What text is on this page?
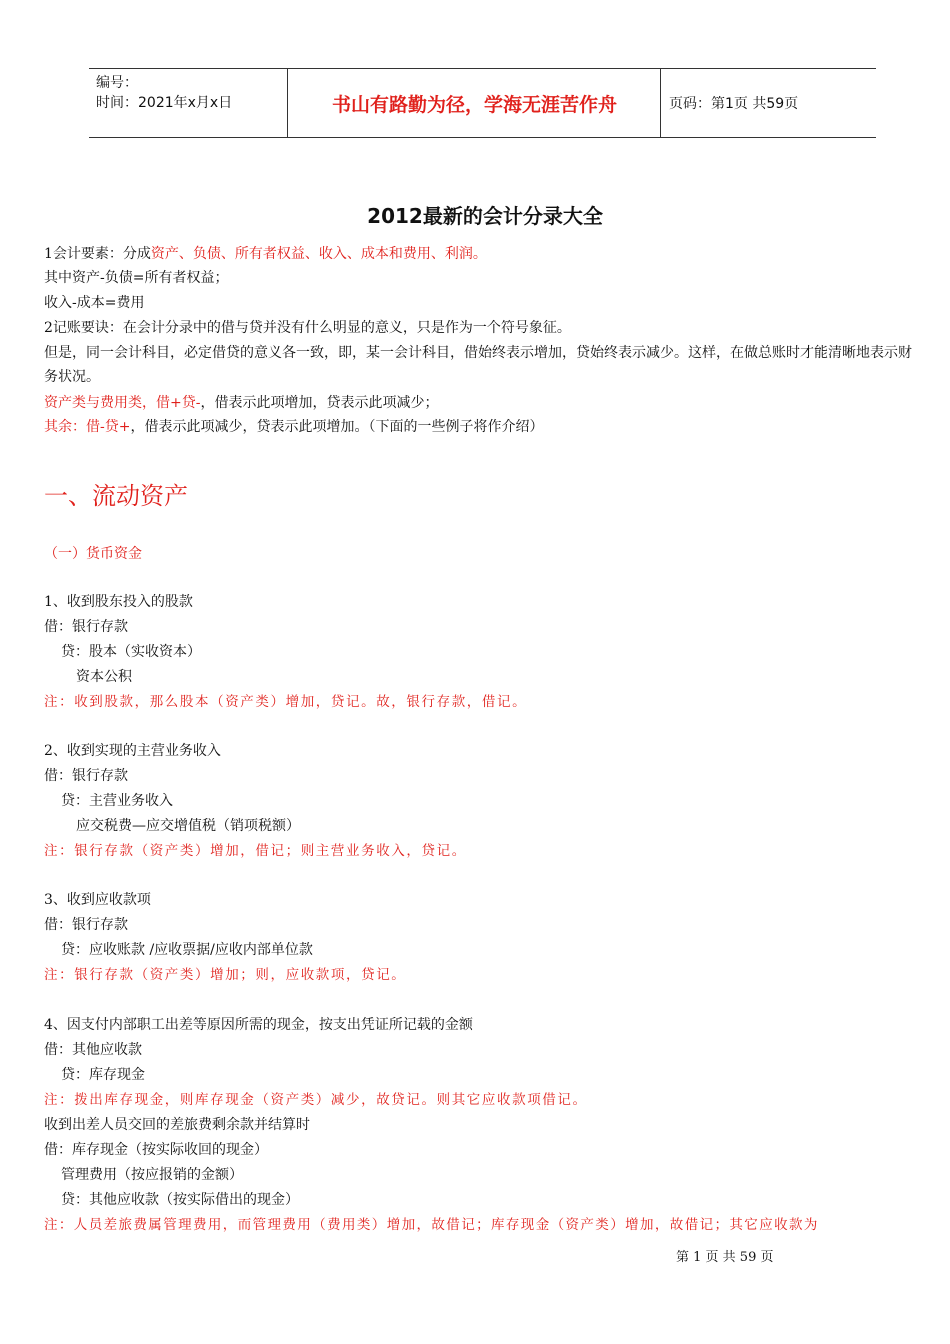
编号：
时间：2021年x月x日	书山有路勤为径，学海无涯苦作舟	页码：第1页 共59页
2012最新的会计分录大全
1会计要素：分成资产、负债、所有者权益、收入、成本和费用、利润。
其中资产-负债=所有者权益；
收入-成本=费用
2记账要诀：在会计分录中的借与贷并没有什么明显的意义，只是作为一个符号象征。
但是，同一会计科目，必定借贷的意义各一致，即，某一会计科目，借始终表示增加，贷始终表示减少。这样，在做总账时才能清晰地表示财务状况。
资产类与费用类，借+贷-，借表示此项增加，贷表示此项减少；
其余：借-贷+，借表示此项减少，贷表示此项增加。（下面的一些例子将作介绍）
一、流动资产
（一）货币资金
1、收到股东投入的股款
借：银行存款
贷：股本（实收资本）
资本公积
注：收到股款，那么股本（资产类）增加，贷记。故，银行存款，借记。
2、收到实现的主营业务收入
借：银行存款
贷：主营业务收入
应交税费—应交增值税（销项税额）
注：银行存款（资产类）增加，借记；则主营业务收入，贷记。
3、收到应收款项
借：银行存款
贷：应收账款 /应收票据/应收内部单位款
注：银行存款（资产类）增加；则，应收款项，贷记。
4、因支付内部职工出差等原因所需的现金，按支出凭证所记载的金额
借：其他应收款
贷：库存现金
注：拨出库存现金，则库存现金（资产类）减少，故贷记。则其它应收款项借记。
收到出差人员交回的差旅费剩余款并结算时
借：库存现金（按实际收回的现金）
管理费用（按应报销的金额）
贷：其他应收款（按实际借出的现金）
注：人员差旅费属管理费用，而管理费用（费用类）增加，故借记；库存现金（资产类）增加，故借记；其它应收款为
第 1 页 共 59 页
